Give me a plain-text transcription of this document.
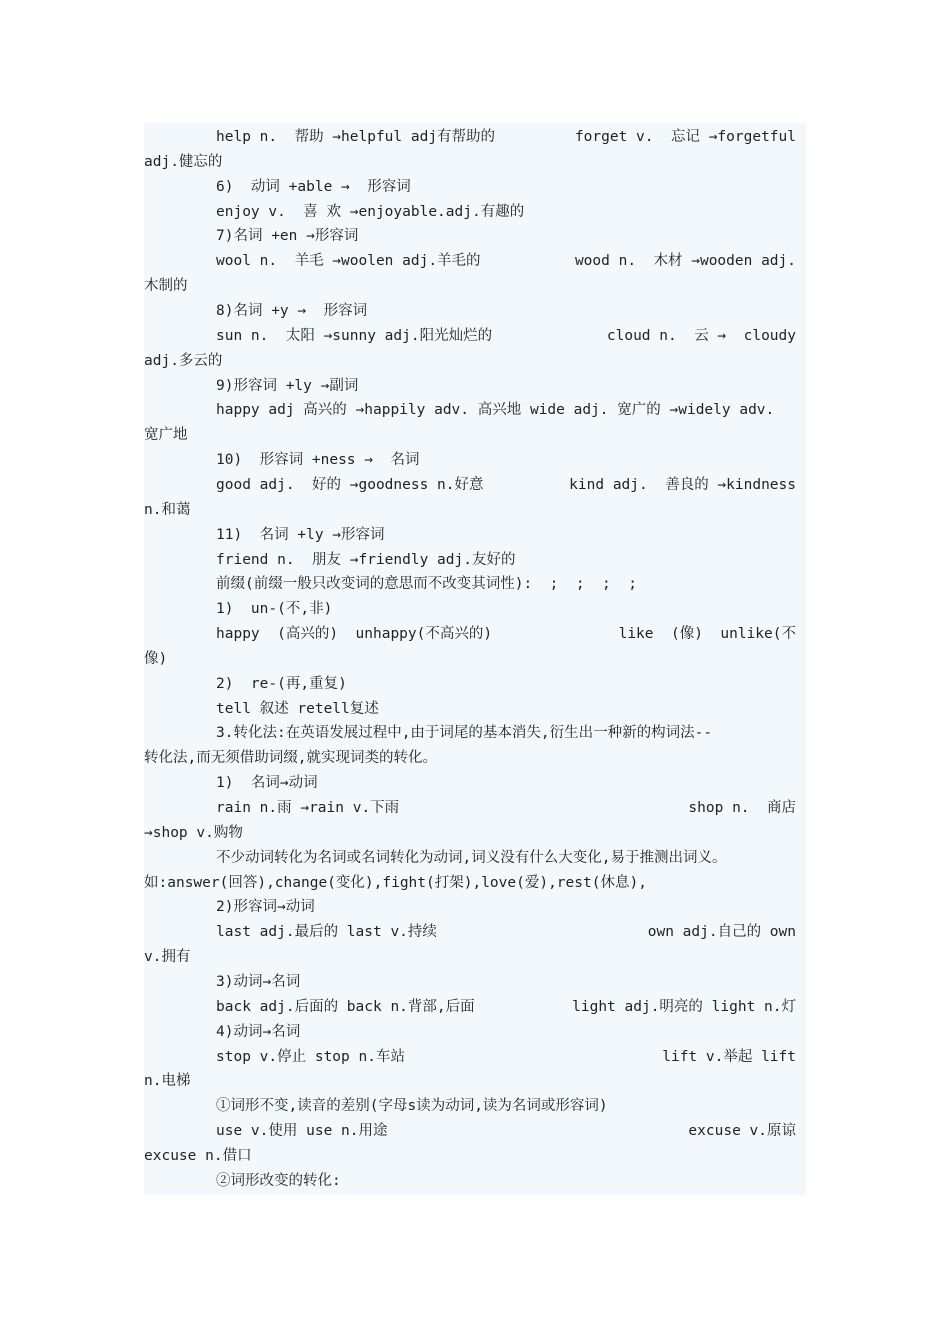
help n.  帮助 →helpful adj有帮助的	forget v.  忘记 →forgetful
adj.健忘的
6)  动词 +able →  形容词
enjoy v.  喜 欢 →enjoyable.adj.有趣的
7)名词 +en →形容词
wool n.  羊毛 →woolen adj.羊毛的	wood n.  木材 →wooden adj.
木制的
8)名词 +y →  形容词
sun n.  太阳 →sunny adj.阳光灿烂的	cloud n.  云 →  cloudy
adj.多云的
9)形容词 +ly →副词
happy adj 高兴的 →happily adv. 高兴地 wide adj. 宽广的 →widely adv.
宽广地
10)  形容词 +ness →  名词
good adj.  好的 →goodness n.好意	kind adj.  善良的 →kindness
n.和蔼
11)  名词 +ly →形容词
friend n.  朋友 →friendly adj.友好的
前缀(前缀一般只改变词的意思而不改变其词性):  ;  ;  ;  ;
1)  un-(不,非)
happy  (高兴的)  unhappy(不高兴的)	like  (像)  unlike(不
像)
2)  re-(再,重复)
tell 叙述 retell复述
3.转化法:在英语发展过程中,由于词尾的基本消失,衍生出一种新的构词法--
转化法,而无须借助词缀,就实现词类的转化。
1)  名词→动词
rain n.雨 →rain v.下雨	shop n.  商店
→shop v.购物
不少动词转化为名词或名词转化为动词,词义没有什么大变化,易于推测出词义。
如:answer(回答),change(变化),fight(打架),love(爱),rest(休息),
2)形容词→动词
last adj.最后的 last v.持续	own adj.自己的 own
v.拥有
3)动词→名词
back adj.后面的 back n.背部,后面	light adj.明亮的 light n.灯
4)动词→名词
stop v.停止 stop n.车站	lift v.举起 lift
n.电梯
①词形不变,读音的差别(字母s读为动词,读为名词或形容词)
use v.使用 use n.用途	excuse v.原谅
excuse n.借口
②词形改变的转化:
